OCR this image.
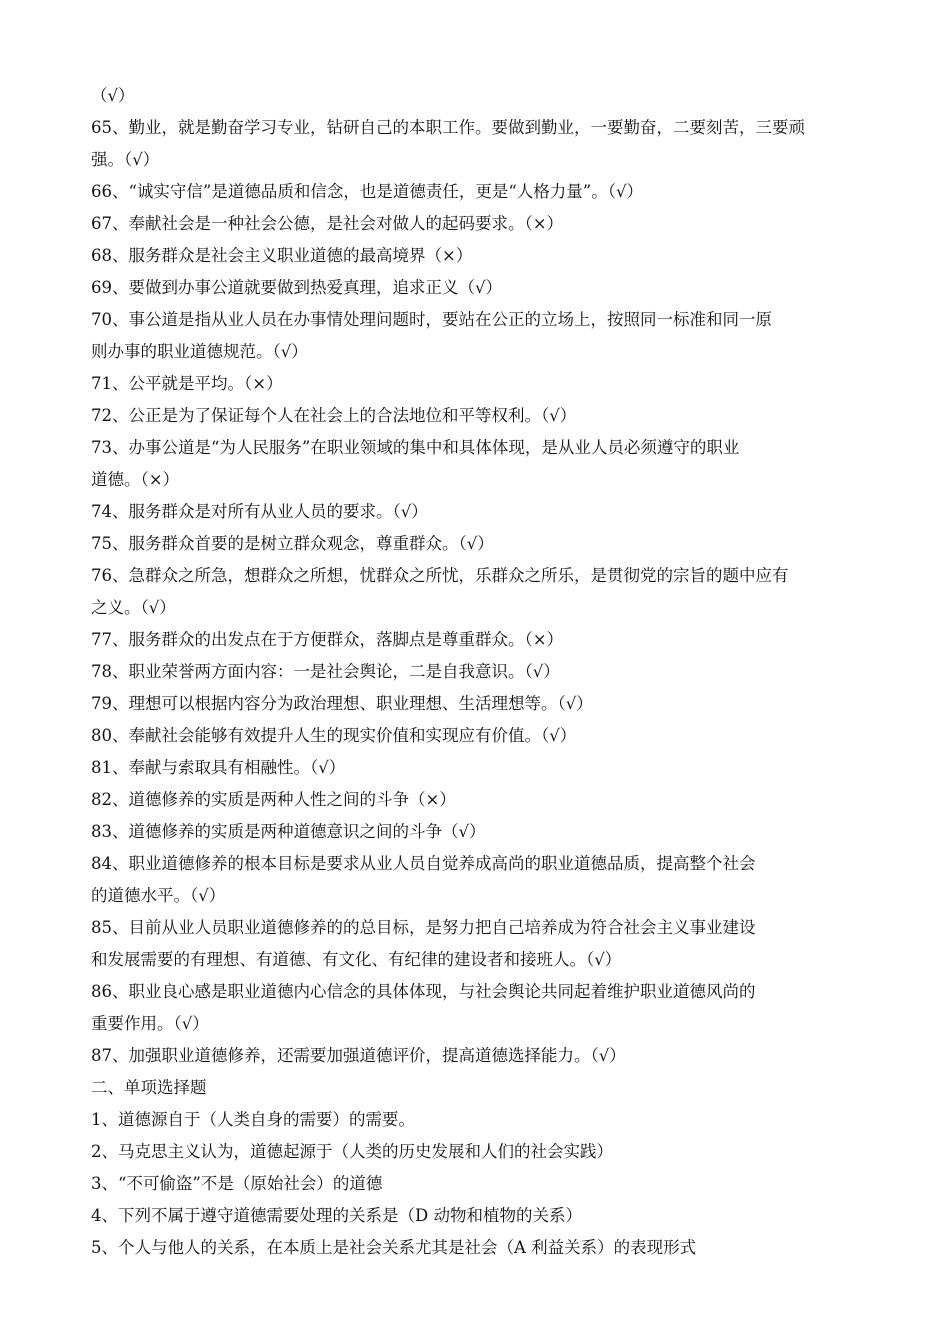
（√）
65、勤业，就是勤奋学习专业，钻研自己的本职工作。要做到勤业，一要勤奋，二要刻苦，三要顽
强。（√）
66、“诚实守信”是道德品质和信念，也是道德责任，更是“人格力量”。（√）
67、奉献社会是一种社会公德，是社会对做人的起码要求。（×）
68、服务群众是社会主义职业道德的最高境界（×）
69、要做到办事公道就要做到热爱真理，追求正义（√）
70、事公道是指从业人员在办事情处理问题时，要站在公正的立场上，按照同一标准和同一原
则办事的职业道德规范。（√）
71、公平就是平均。（×）
72、公正是为了保证每个人在社会上的合法地位和平等权利。（√）
73、办事公道是“为人民服务”在职业领域的集中和具体体现，是从业人员必须遵守的职业
道德。（×）
74、服务群众是对所有从业人员的要求。（√）
75、服务群众首要的是树立群众观念，尊重群众。（√）
76、急群众之所急，想群众之所想，忧群众之所忧，乐群众之所乐，是贯彻党的宗旨的题中应有
之义。（√）
77、服务群众的出发点在于方便群众，落脚点是尊重群众。（×）
78、职业荣誉两方面内容：一是社会舆论，二是自我意识。（√）
79、理想可以根据内容分为政治理想、职业理想、生活理想等。（√）
80、奉献社会能够有效提升人生的现实价值和实现应有价值。（√）
81、奉献与索取具有相融性。（√）
82、道德修养的实质是两种人性之间的斗争（×）
83、道德修养的实质是两种道德意识之间的斗争（√）
84、职业道德修养的根本目标是要求从业人员自觉养成高尚的职业道德品质，提高整个社会
的道德水平。（√）
85、目前从业人员职业道德修养的的总目标，是努力把自己培养成为符合社会主义事业建设
和发展需要的有理想、有道德、有文化、有纪律的建设者和接班人。（√）
86、职业良心感是职业道德内心信念的具体体现，与社会舆论共同起着维护职业道德风尚的
重要作用。（√）
87、加强职业道德修养，还需要加强道德评价，提高道德选择能力。（√）
二、单项选择题
1、道德源自于（人类自身的需要）的需要。
2、马克思主义认为，道德起源于（人类的历史发展和人们的社会实践）
3、“不可偷盗”不是（原始社会）的道德
4、下列不属于遵守道德需要处理的关系是（D 动物和植物的关系）
5、个人与他人的关系，在本质上是社会关系尤其是社会（A 利益关系）的表现形式
